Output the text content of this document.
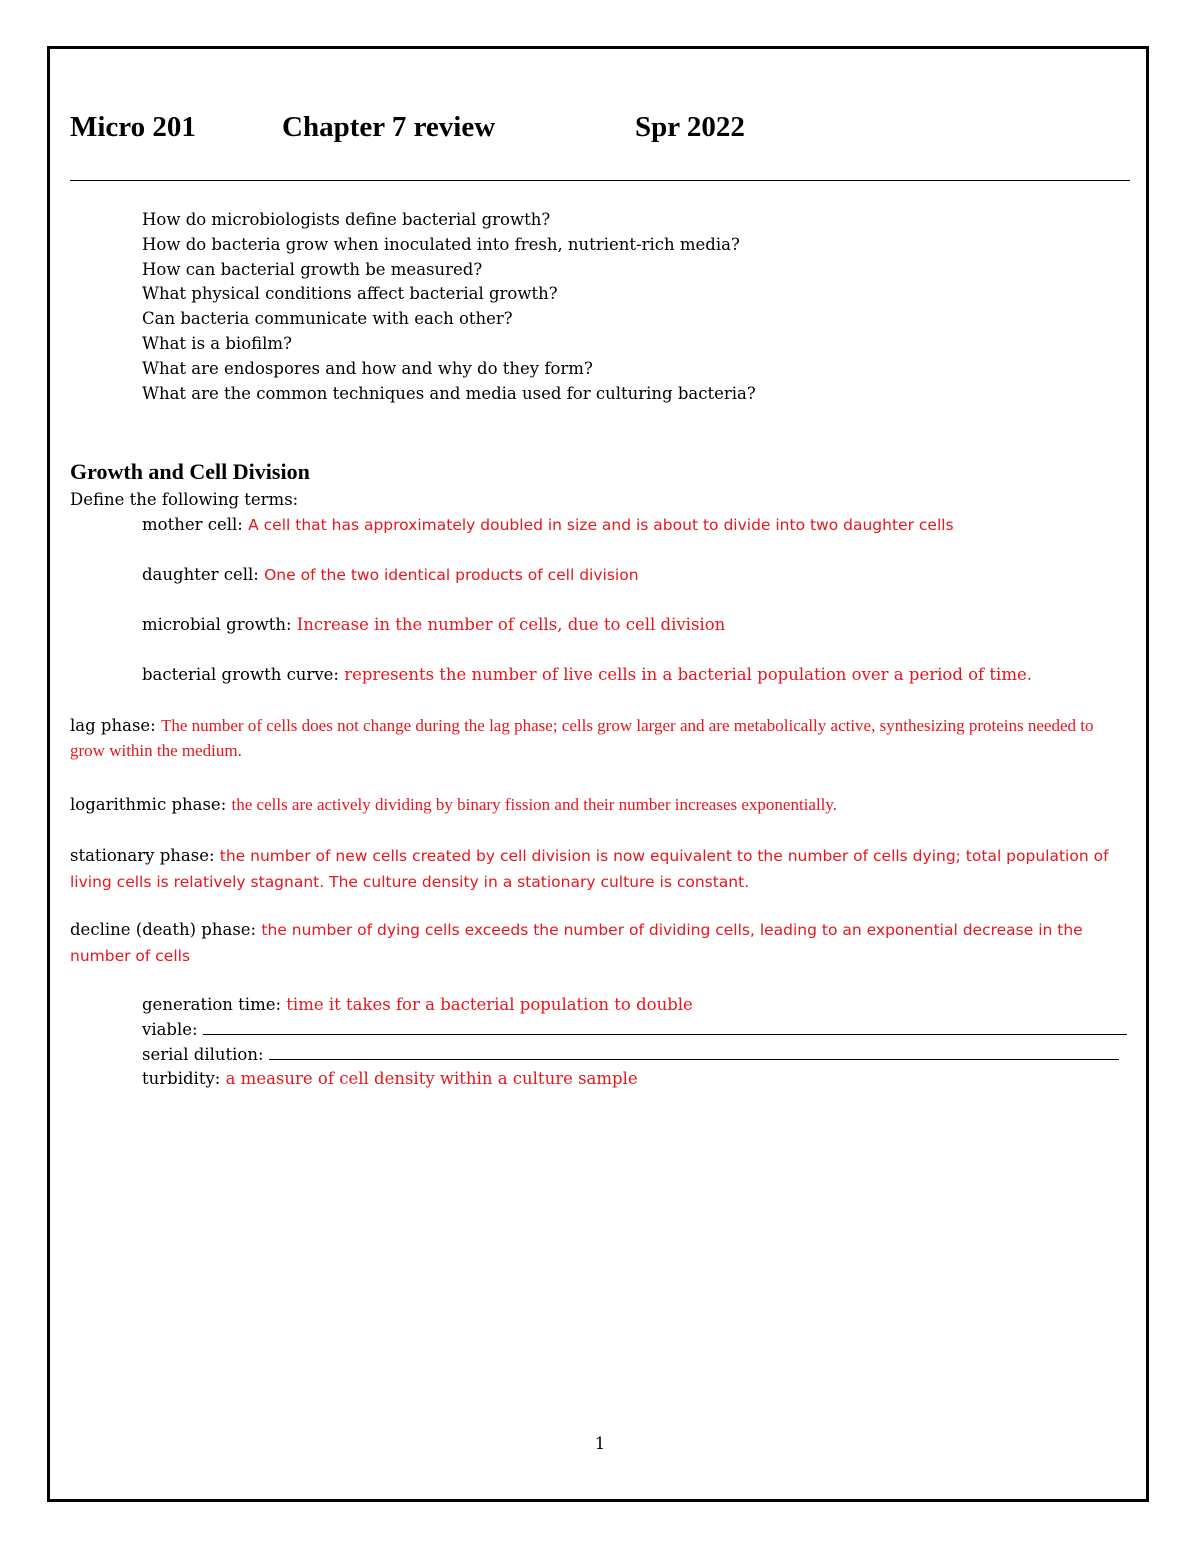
Micro 201	Chapter 7 review	Spr 2022
How do microbiologists define bacterial growth?
How do bacteria grow when inoculated into fresh, nutrient-rich media?
How can bacterial growth be measured?
What physical conditions affect bacterial growth?
Can bacteria communicate with each other?
What is a biofilm?
What are endospores and how and why do they form?
What are the common techniques and media used for culturing bacteria?
Growth and Cell Division
Define the following terms:
mother cell: A cell that has approximately doubled in size and is about to divide into two daughter cells
daughter cell: One of the two identical products of cell division
microbial growth: Increase in the number of cells, due to cell division
bacterial growth curve: represents the number of live cells in a bacterial population over a period of time.
lag phase: The number of cells does not change during the lag phase; cells grow larger and are metabolically active, synthesizing proteins needed to grow within the medium.
logarithmic phase: the cells are actively dividing by binary fission and their number increases exponentially.
stationary phase: the number of new cells created by cell division is now equivalent to the number of cells dying; total population of living cells is relatively stagnant. The culture density in a stationary culture is constant.
decline (death) phase: the number of dying cells exceeds the number of dividing cells, leading to an exponential decrease in the number of cells
generation time: time it takes for a bacterial population to double
viable:
serial dilution:
turbidity: a measure of cell density within a culture sample
1
